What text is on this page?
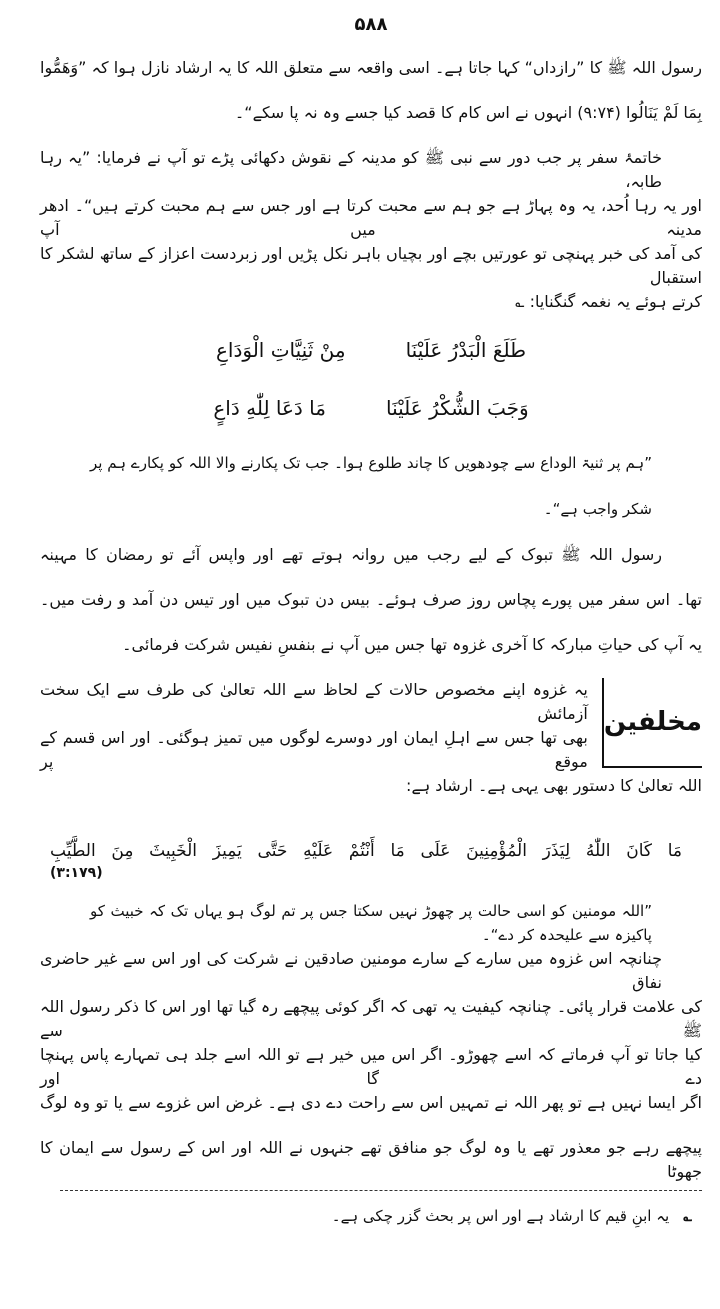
۵۸۸
رسول اللہ ﷺ کا ”رازداں“ کہا جاتا ہے۔ اسی واقعہ سے متعلق اللہ کا یہ ارشاد نازل ہوا کہ ”وَهَمُّوا
بِمَا لَمْ يَنَالُوا (۹:۷۴) انہوں نے اس کام کا قصد کیا جسے وہ نہ پا سکے“۔
خاتمۂ سفر پر جب دور سے نبی ﷺ کو مدینہ کے نقوش دکھائی پڑے تو آپ نے فرمایا: ”یہ رہا طابہ،
اور یہ رہا اُحد، یہ وہ پہاڑ ہے جو ہم سے محبت کرتا ہے اور جس سے ہم محبت کرتے ہیں“۔ ادھر مدینہ میں آپ
کی آمد کی خبر پہنچی تو عورتیں بچے اور بچیاں باہر نکل پڑیں اور زبردست اعزاز کے ساتھ لشکر کا استقبال
کرتے ہوئے یہ نغمہ گنگنایا: ؎
طَلَعَ الْبَدْرُ عَلَيْنَا
مِنْ ثَنِيَّاتِ الْوَدَاعِ
وَجَبَ الشُّكْرُ عَلَيْنَا
مَا دَعَا لِلّٰهِ دَاعٍ
”ہم پر ثنیۃ الوداع سے چودھویں کا چاند طلوع ہوا۔ جب تک پکارنے والا اللہ کو پکارے ہم پر
شکر واجب ہے“۔
رسول اللہ ﷺ تبوک کے لیے رجب میں روانہ ہوتے تھے اور واپس آئے تو رمضان کا مہینہ
تھا۔ اس سفر میں پورے پچاس روز صرف ہوئے۔ بیس دن تبوک میں اور تیس دن آمد و رفت میں۔
یہ آپ کی حیاتِ مبارکہ کا آخری غزوہ تھا جس میں آپ نے بنفسِ نفیس شرکت فرمائی۔
مخلفین
یہ غزوہ اپنے مخصوص حالات کے لحاظ سے اللہ تعالیٰ کی طرف سے ایک سخت آزمائش
بھی تھا جس سے اہلِ ایمان اور دوسرے لوگوں میں تمیز ہوگئی۔ اور اس قسم کے موقع پر
اللہ تعالیٰ کا دستور بھی یہی ہے۔ ارشاد ہے:
مَا كَانَ اللّٰهُ لِيَذَرَ الْمُؤْمِنِينَ عَلَى مَا أَنْتُمْ عَلَيْهِ حَتَّى يَمِيزَ الْخَبِيثَ مِنَ الطَّيِّبِ
(۳:۱۷۹)
”اللہ مومنین کو اسی حالت پر چھوڑ نہیں سکتا جس پر تم لوگ ہو یہاں تک کہ خبیث کو پاکیزہ سے علیحدہ کر دے“۔
چنانچہ اس غزوہ میں سارے کے سارے مومنین صادقین نے شرکت کی اور اس سے غیر حاضری نفاق
کی علامت قرار پائی۔ چنانچہ کیفیت یہ تھی کہ اگر کوئی پیچھے رہ گیا تھا اور اس کا ذکر رسول اللہ ﷺ سے
کیا جاتا تو آپ فرماتے کہ اسے چھوڑو۔ اگر اس میں خیر ہے تو اللہ اسے جلد ہی تمہارے پاس پہنچا دے گا اور
اگر ایسا نہیں ہے تو پھر اللہ نے تمہیں اس سے راحت دے دی ہے۔ غرض اس غزوے سے یا تو وہ لوگ
پیچھے رہے جو معذور تھے یا وہ لوگ جو منافق تھے جنہوں نے اللہ اور اس کے رسول سے ایمان کا جھوٹا
؎
یہ ابنِ قیم کا ارشاد ہے اور اس پر بحث گزر چکی ہے۔
